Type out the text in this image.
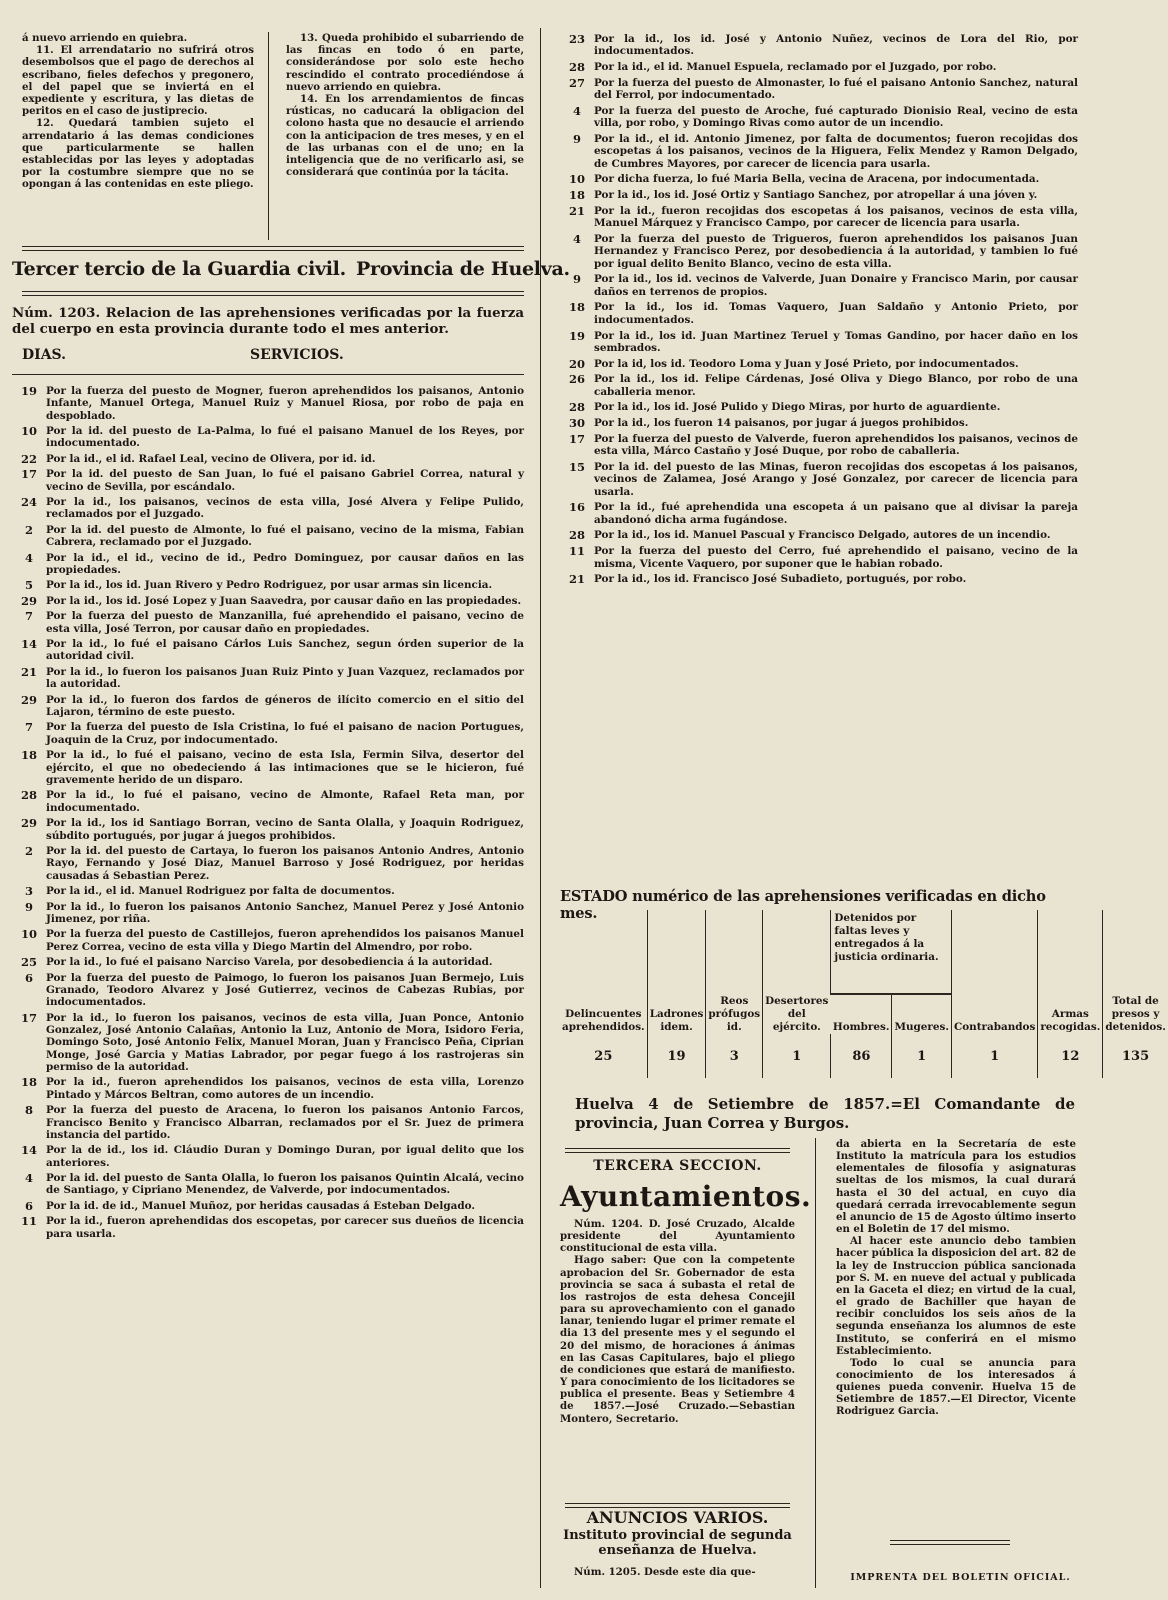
á nuevo arriendo en quiebra.

11. El arrendatario no sufrirá otros desembolsos que el pago de derechos al escribano, fieles defechos y pregonero, el del papel que se inviertá en el expediente y escritura, y las dietas de peritos en el caso de justiprecio.

12. Quedará tambien sujeto el arrendatario á las demas condiciones que particularmente se hallen establecidas por las leyes y adoptadas por la costumbre siempre que no se opongan á las contenidas en este pliego.

13. Queda prohibido el subarriendo de las fincas en todo ó en parte, considerándose por solo este hecho rescindido el contrato procediéndose á nuevo arriendo en quiebra.

14. En los arrendamientos de fincas rústicas, no caducará la obligacion del colono hasta que no desaucie el arriendo con la anticipacion de tres meses, y en el de las urbanas con el de uno; en la inteligencia que de no verificarlo asi, se considerará que continúa por la tácita.

Tercer tercio de la Guardia civil. Provincia de Huelva.
Núm. 1203. Relacion de las aprehensiones verificadas por la fuerza del cuerpo en esta provincia durante todo el mes anterior.
DIAS.	SERVICIOS.
19 Por la fuerza del puesto de Mogner, fueron aprehendidos los paisanos, Antonio Infante, Manuel Ortega, Manuel Ruiz y Manuel Riosa, por robo de paja en despoblado.
10 Por la id. del puesto de La-Palma, lo fué el paisano Manuel de los Reyes, por indocumentado.
22 Por la id., el id. Rafael Leal, vecino de Olivera, por id. id.
17 Por la id. del puesto de San Juan, lo fué el paisano Gabriel Correa, natural y vecino de Sevilla, por escándalo.
24 Por la id., los paisanos, vecinos de esta villa, José Alvera y Felipe Pulido, reclamados por el Juzgado.
2	Por la id. del puesto de Almonte, lo fué el paisano, vecino de la misma, Fabian Cabrera, reclamado por el Juzgado.
4	Por la id., el id., vecino de id., Pedro Dominguez, por causar daños en las propiedades.
5	Por la id., los id. Juan Rivero y Pedro Rodriguez, por usar armas sin licencia.
29 Por la id., los id. José Lopez y Juan Saavedra, por causar daño en las propiedades.
7	Por la fuerza del puesto de Manzanilla, fué aprehendido el paisano, vecino de esta villa, José Terron, por causar daño en propiedades.
14 Por la id., lo fué el paisano Cárlos Luis Sanchez, segun órden superior de la autoridad civil.
21 Por la id., lo fueron los paisanos Juan Ruiz Pinto y Juan Vazquez, reclamados por la autoridad.
29 Por la id., lo fueron dos fardos de géneros de ilícito comercio en el sitio del Lajaron, término de este puesto.
7	Por la fuerza del puesto de Isla Cristina, lo fué el paisano de nacion Portugues, Joaquin de la Cruz, por indocumentado.
18 Por la id., lo fué el paisano, vecino de esta Isla, Fermin Silva, desertor del ejército, el que no obedeciendo á las intimaciones que se le hicieron, fué gravemente herido de un disparo.
28 Por la id., lo fué el paisano, vecino de Almonte, Rafael Reta man, por indocumentado.
29 Por la id., los id Santiago Borran, vecino de Santa Olalla, y Joaquin Rodriguez, súbdito portugués, por jugar á juegos prohibidos.
2	Por la id. del puesto de Cartaya, lo fueron los paisanos Antonio Andres, Antonio Rayo, Fernando y José Diaz, Manuel Barroso y José Rodriguez, por heridas causadas á Sebastian Perez.
3	Por la id., el id. Manuel Rodriguez por falta de documentos.
9	Por la id., lo fueron los paisanos Antonio Sanchez, Manuel Perez y José Antonio Jimenez, por riña.
10 Por la fuerza del puesto de Castillejos, fueron aprehendidos los paisanos Manuel Perez Correa, vecino de esta villa y Diego Martin del Almendro, por robo.
25 Por la id., lo fué el paisano Narciso Varela, por desobediencia á la autoridad.
6	Por la fuerza del puesto de Paimogo, lo fueron los paisanos Juan Bermejo, Luis Granado, Teodoro Alvarez y José Gutierrez, vecinos de Cabezas Rubias, por indocumentados.
17 Por la id., lo fueron los paisanos, vecinos de esta villa, Juan Ponce, Antonio Gonzalez, José Antonio Calañas, Antonio la Luz, Antonio de Mora, Isidoro Feria, Domingo Soto, José Antonio Felix, Manuel Moran, Juan y Francisco Peña, Ciprian Monge, José Garcia y Matias Labrador, por pegar fuego á los rastrojeras sin permiso de la autoridad.
18 Por la id., fueron aprehendidos los paisanos, vecinos de esta villa, Lorenzo Pintado y Márcos Beltran, como autores de un incendio.
8	Por la fuerza del puesto de Aracena, lo fueron los paisanos Antonio Farcos, Francisco Benito y Francisco Albarran, reclamados por el Sr. Juez de primera instancia del partido.
14 Por la de id., los id. Cláudio Duran y Domingo Duran, por igual delito que los anteriores.
4	Por la id. del puesto de Santa Olalla, lo fueron los paisanos Quintin Alcalá, vecino de Santiago, y Cipriano Menendez, de Valverde, por indocumentados.
6	Por la id. de id., Manuel Muñoz, por heridas causadas á Esteban Delgado.
11 Por la id., fueron aprehendidas dos escopetas, por carecer sus dueños de licencia para usarla.
23 Por la id., los id. José y Antonio Nuñez, vecinos de Lora del Rio, por indocumentados.
28 Por la id., el id. Manuel Espuela, reclamado por el Juzgado, por robo.
27 Por la fuerza del puesto de Almonaster, lo fué el paisano Antonio Sanchez, natural del Ferrol, por indocumentado.
4	Por la fuerza del puesto de Aroche, fué capturado Dionisio Real, vecino de esta villa, por robo, y Domingo Rivas como autor de un incendio.
9	Por la id., el id. Antonio Jimenez, por falta de documentos; fueron recojidas dos escopetas á los paisanos, vecinos de la Higuera, Felix Mendez y Ramon Delgado, de Cumbres Mayores, por carecer de licencia para usarla.
10 Por dicha fuerza, lo fué Maria Bella, vecina de Aracena, por indocumentada.
18 Por la id., los id. José Ortiz y Santiago Sanchez, por atropellar á una jóven y.
21 Por la id., fueron recojidas dos escopetas á los paisanos, vecinos de esta villa, Manuel Márquez y Francisco Campo, por carecer de licencia para usarla.
4	Por la fuerza del puesto de Trigueros, fueron aprehendidos los paisanos Juan Hernandez y Francisco Perez, por desobediencia á la autoridad, y tambien lo fué por igual delito Benito Blanco, vecino de esta villa.
9	Por la id., los id. vecinos de Valverde, Juan Donaire y Francisco Marin, por causar daños en terrenos de propios.
18 Por la id., los id. Tomas Vaquero, Juan Saldaño y Antonio Prieto, por indocumentados.
19 Por la id., los id. Juan Martinez Teruel y Tomas Gandino, por hacer daño en los sembrados.
20 Por la id, los id. Teodoro Loma y Juan y José Prieto, por indocumentados.
26 Por la id., los id. Felipe Cárdenas, José Oliva y Diego Blanco, por robo de una caballeria menor.
28 Por la id., los id. José Pulido y Diego Miras, por hurto de aguardiente.
30 Por la id., los fueron 14 paisanos, por jugar á juegos prohibidos.
17 Por la fuerza del puesto de Valverde, fueron aprehendidos los paisanos, vecinos de esta villa, Márco Castaño y José Duque, por robo de caballeria.
15 Por la id. del puesto de las Minas, fueron recojidas dos escopetas á los paisanos, vecinos de Zalamea, José Arango y José Gonzalez, por carecer de licencia para usarla.
16 Por la id., fué aprehendida una escopeta á un paisano que al divisar la pareja abandonó dicha arma fugándose.
28 Por la id., los id. Manuel Pascual y Francisco Delgado, autores de un incendio.
11 Por la fuerza del puesto del Cerro, fué aprehendido el paisano, vecino de la misma, Vicente Vaquero, por suponer que le habian robado.
21 Por la id., los id. Francisco José Subadieto, portugués, por robo.
ESTADO numérico de las aprehensiones verificadas en dicho mes.
					Detenidos por faltas leves y entregados á la justicia ordinaria.				
Delincuentes aprehendidos.	Ladrones idem.	Reos prófugos id.	Desertores del ejército.			Contrabandos	Armas recogidas.	Total de presos y detenidos.
				Hombres.	Mugeres.			
25	19	3	1	86	1	1	12	135
Huelva 4 de Setiembre de 1857.=El Comandante de provincia, Juan Correa y Burgos.
TERCERA SECCION.
Ayuntamientos.

Núm. 1204. D. José Cruzado, Alcalde presidente del Ayuntamiento constitucional de esta villa.

Hago saber: Que con la competente aprobacion del Sr. Gobernador de esta provincia se saca á subasta el retal de los rastrojos de esta dehesa Concejil para su aprovechamiento con el ganado lanar, teniendo lugar el primer remate el dia 13 del presente mes y el segundo el 20 del mismo, de horaciones á ánimas en las Casas Capitulares, bajo el pliego de condiciones que estará de manifiesto. Y para conocimiento de los licitadores se publica el presente. Beas y Setiembre 4 de 1857.—José Cruzado.—Sebastian Montero, Secretario.

ANUNCIOS VARIOS.
Instituto provincial de segunda enseñanza de Huelva.

Núm. 1205. Desde este dia que-

da abierta en la Secretaría de este Instituto la matrícula para los estudios elementales de filosofía y asignaturas sueltas de los mismos, la cual durará hasta el 30 del actual, en cuyo dia quedará cerrada irrevocablemente segun el anuncio de 15 de Agosto último inserto en el Boletin de 17 del mismo.

Al hacer este anuncio debo tambien hacer pública la disposicion del art. 82 de la ley de Instruccion pública sancionada por S. M. en nueve del actual y publicada en la Gaceta el diez; en virtud de la cual, el grado de Bachiller que hayan de recibir concluidos los seis años de la segunda enseñanza los alumnos de este Instituto, se conferirá en el mismo Establecimiento.

Todo lo cual se anuncia para conocimiento de los interesados á quienes pueda convenir. Huelva 15 de Setiembre de 1857.—El Director, Vicente Rodriguez Garcia.

IMPRENTA DEL BOLETIN OFICIAL.
